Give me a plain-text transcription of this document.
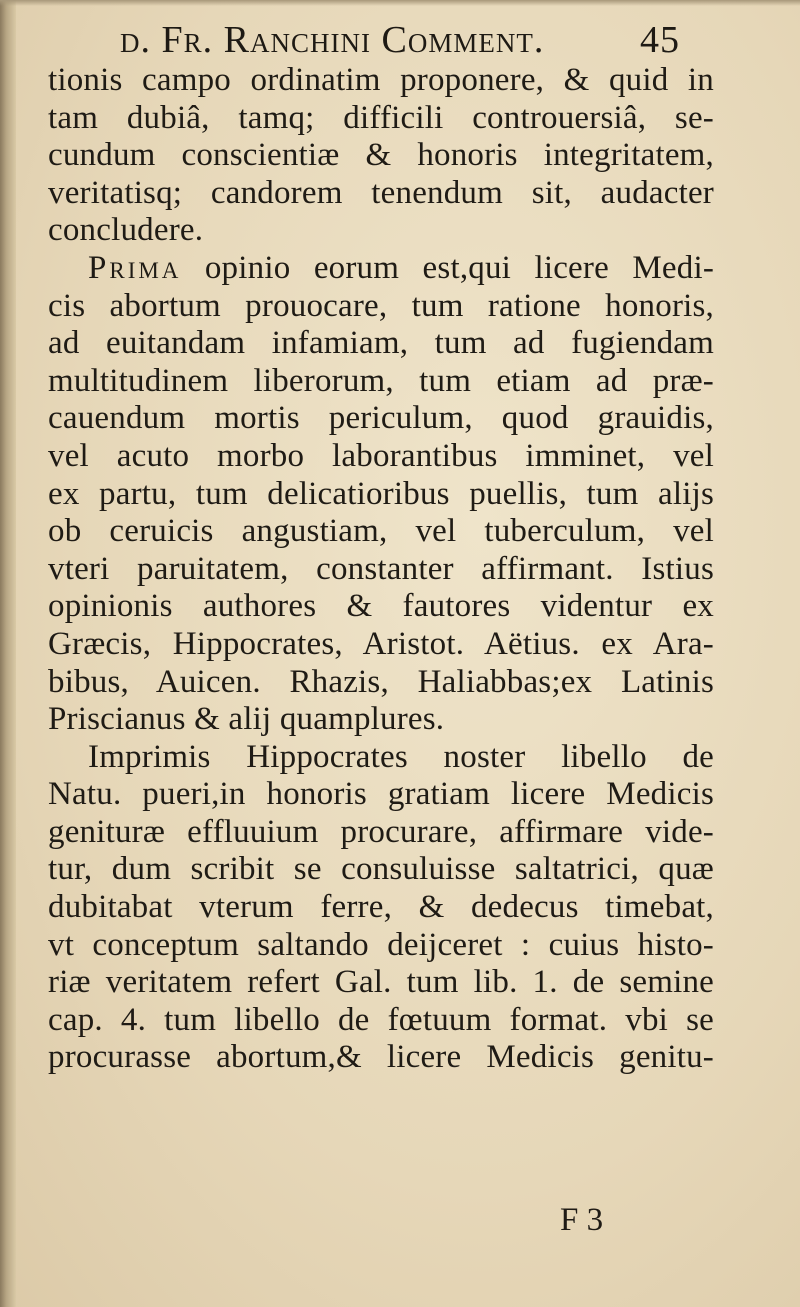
d. Fr. Ranchini Comment.	45
tionis campo ordinatim proponere, & quid in
tam dubiâ, tamq; difficili controuersiâ, se-
cundum conscientiæ & honoris integritatem,
veritatisq; candorem tenendum sit, audacter
concludere.
Prima opinio eorum est,qui licere Medi-
cis abortum prouocare, tum ratione honoris,
ad euitandam infamiam, tum ad fugiendam
multitudinem liberorum, tum etiam ad præ-
cauendum mortis periculum, quod grauidis,
vel acuto morbo laborantibus imminet, vel
ex partu, tum delicatioribus puellis, tum alijs
ob ceruicis angustiam, vel tuberculum, vel
vteri paruitatem, constanter affirmant. Istius
opinionis authores & fautores videntur ex
Græcis, Hippocrates, Aristot. Aëtius. ex Ara-
bibus, Auicen. Rhazis, Haliabbas;ex Latinis
Priscianus & alij quamplures.
Imprimis Hippocrates noster libello de
Natu. pueri,in honoris gratiam licere Medicis
genituræ effluuium procurare, affirmare vide-
tur, dum scribit se consuluisse saltatrici, quæ
dubitabat vterum ferre, & dedecus timebat,
vt conceptum saltando deijceret : cuius histo-
riæ veritatem refert Gal. tum lib. 1. de semine
cap. 4. tum libello de fœtuum format. vbi se
procurasse abortum,& licere Medicis genitu-
F 3
